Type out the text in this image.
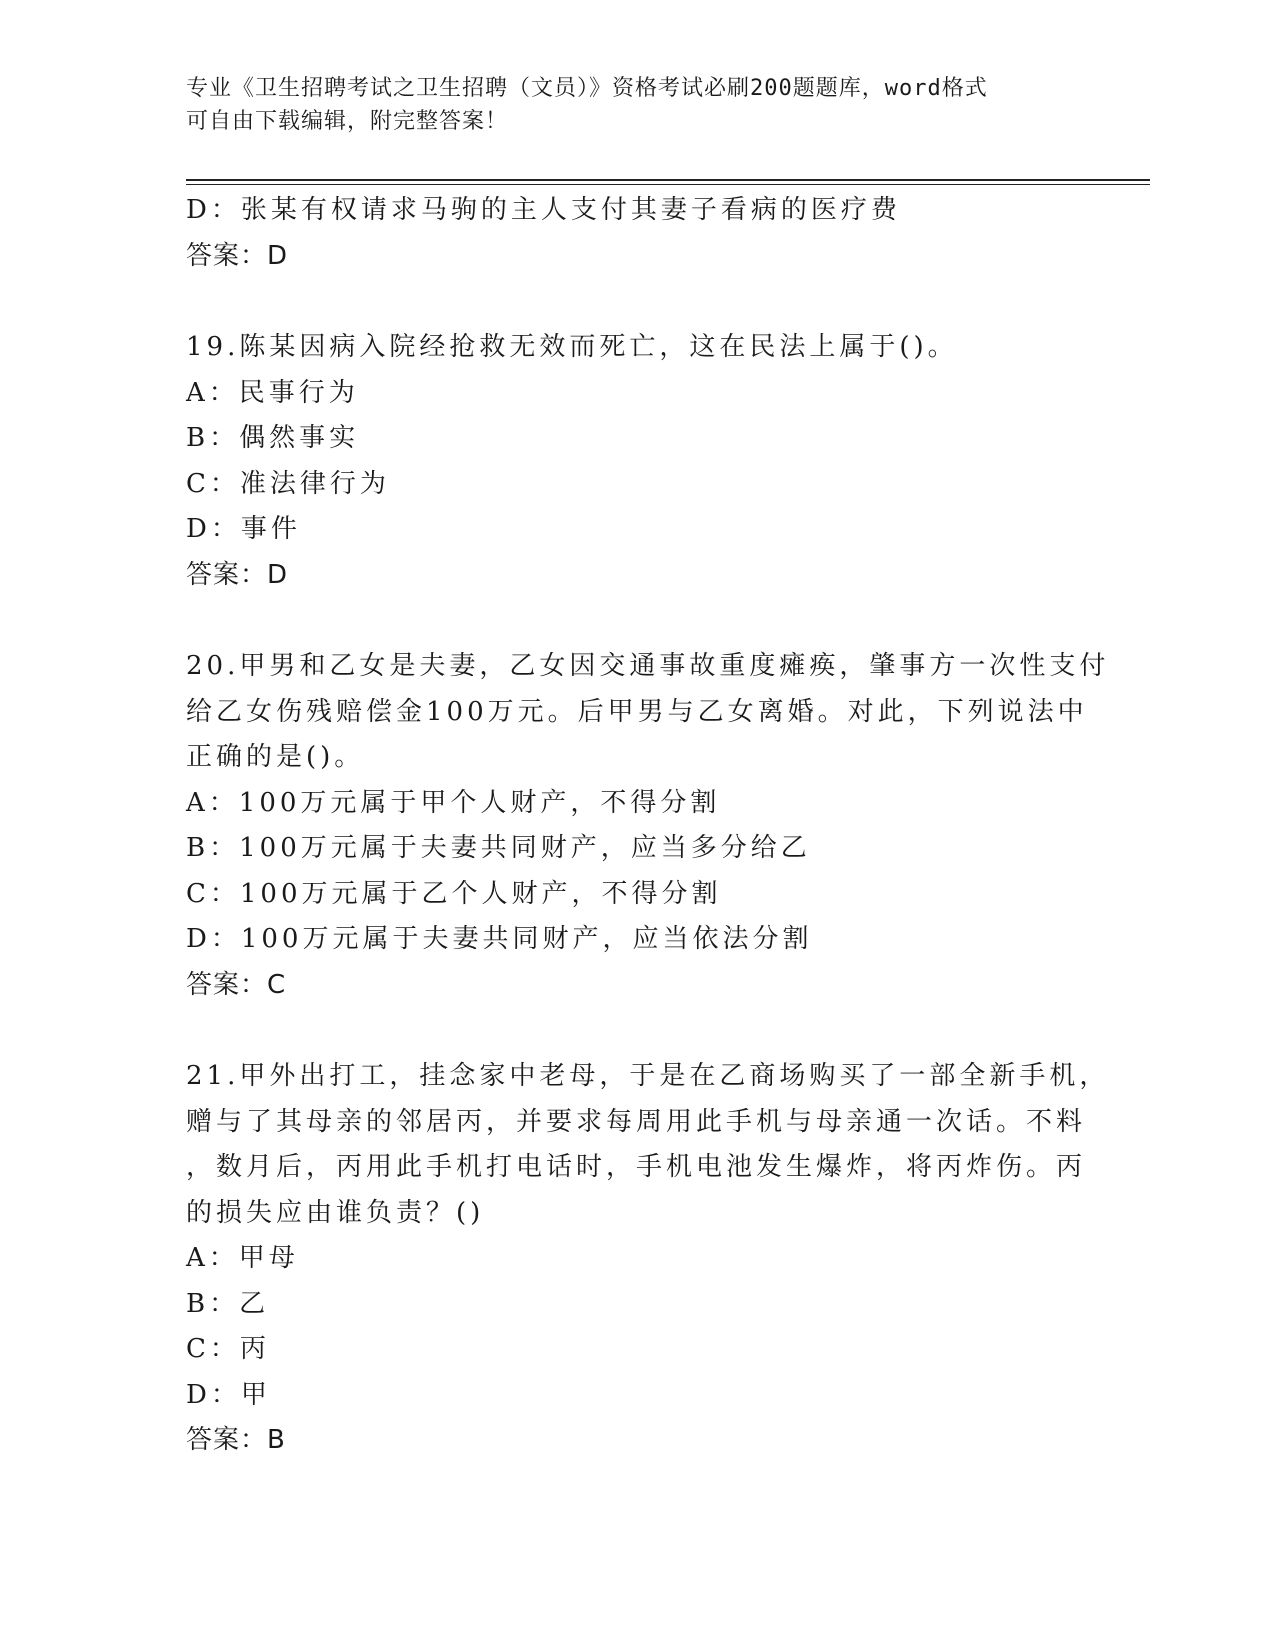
专业《卫生招聘考试之卫生招聘（文员）》资格考试必刷200题题库，word格式
可自由下载编辑，附完整答案！
D：张某有权请求马驹的主人支付其妻子看病的医疗费
答案：D
19.陈某因病入院经抢救无效而死亡，这在民法上属于()。
A：民事行为
B：偶然事实
C：准法律行为
D：事件
答案：D
20.甲男和乙女是夫妻，乙女因交通事故重度瘫痪，肇事方一次性支付
给乙女伤残赔偿金100万元。后甲男与乙女离婚。对此，下列说法中
正确的是()。
A：100万元属于甲个人财产，不得分割
B：100万元属于夫妻共同财产，应当多分给乙
C：100万元属于乙个人财产，不得分割
D：100万元属于夫妻共同财产，应当依法分割
答案：C
21.甲外出打工，挂念家中老母，于是在乙商场购买了一部全新手机，
赠与了其母亲的邻居丙，并要求每周用此手机与母亲通一次话。不料
，数月后，丙用此手机打电话时，手机电池发生爆炸，将丙炸伤。丙
的损失应由谁负责？()
A：甲母
B：乙
C：丙
D：甲
答案：B
